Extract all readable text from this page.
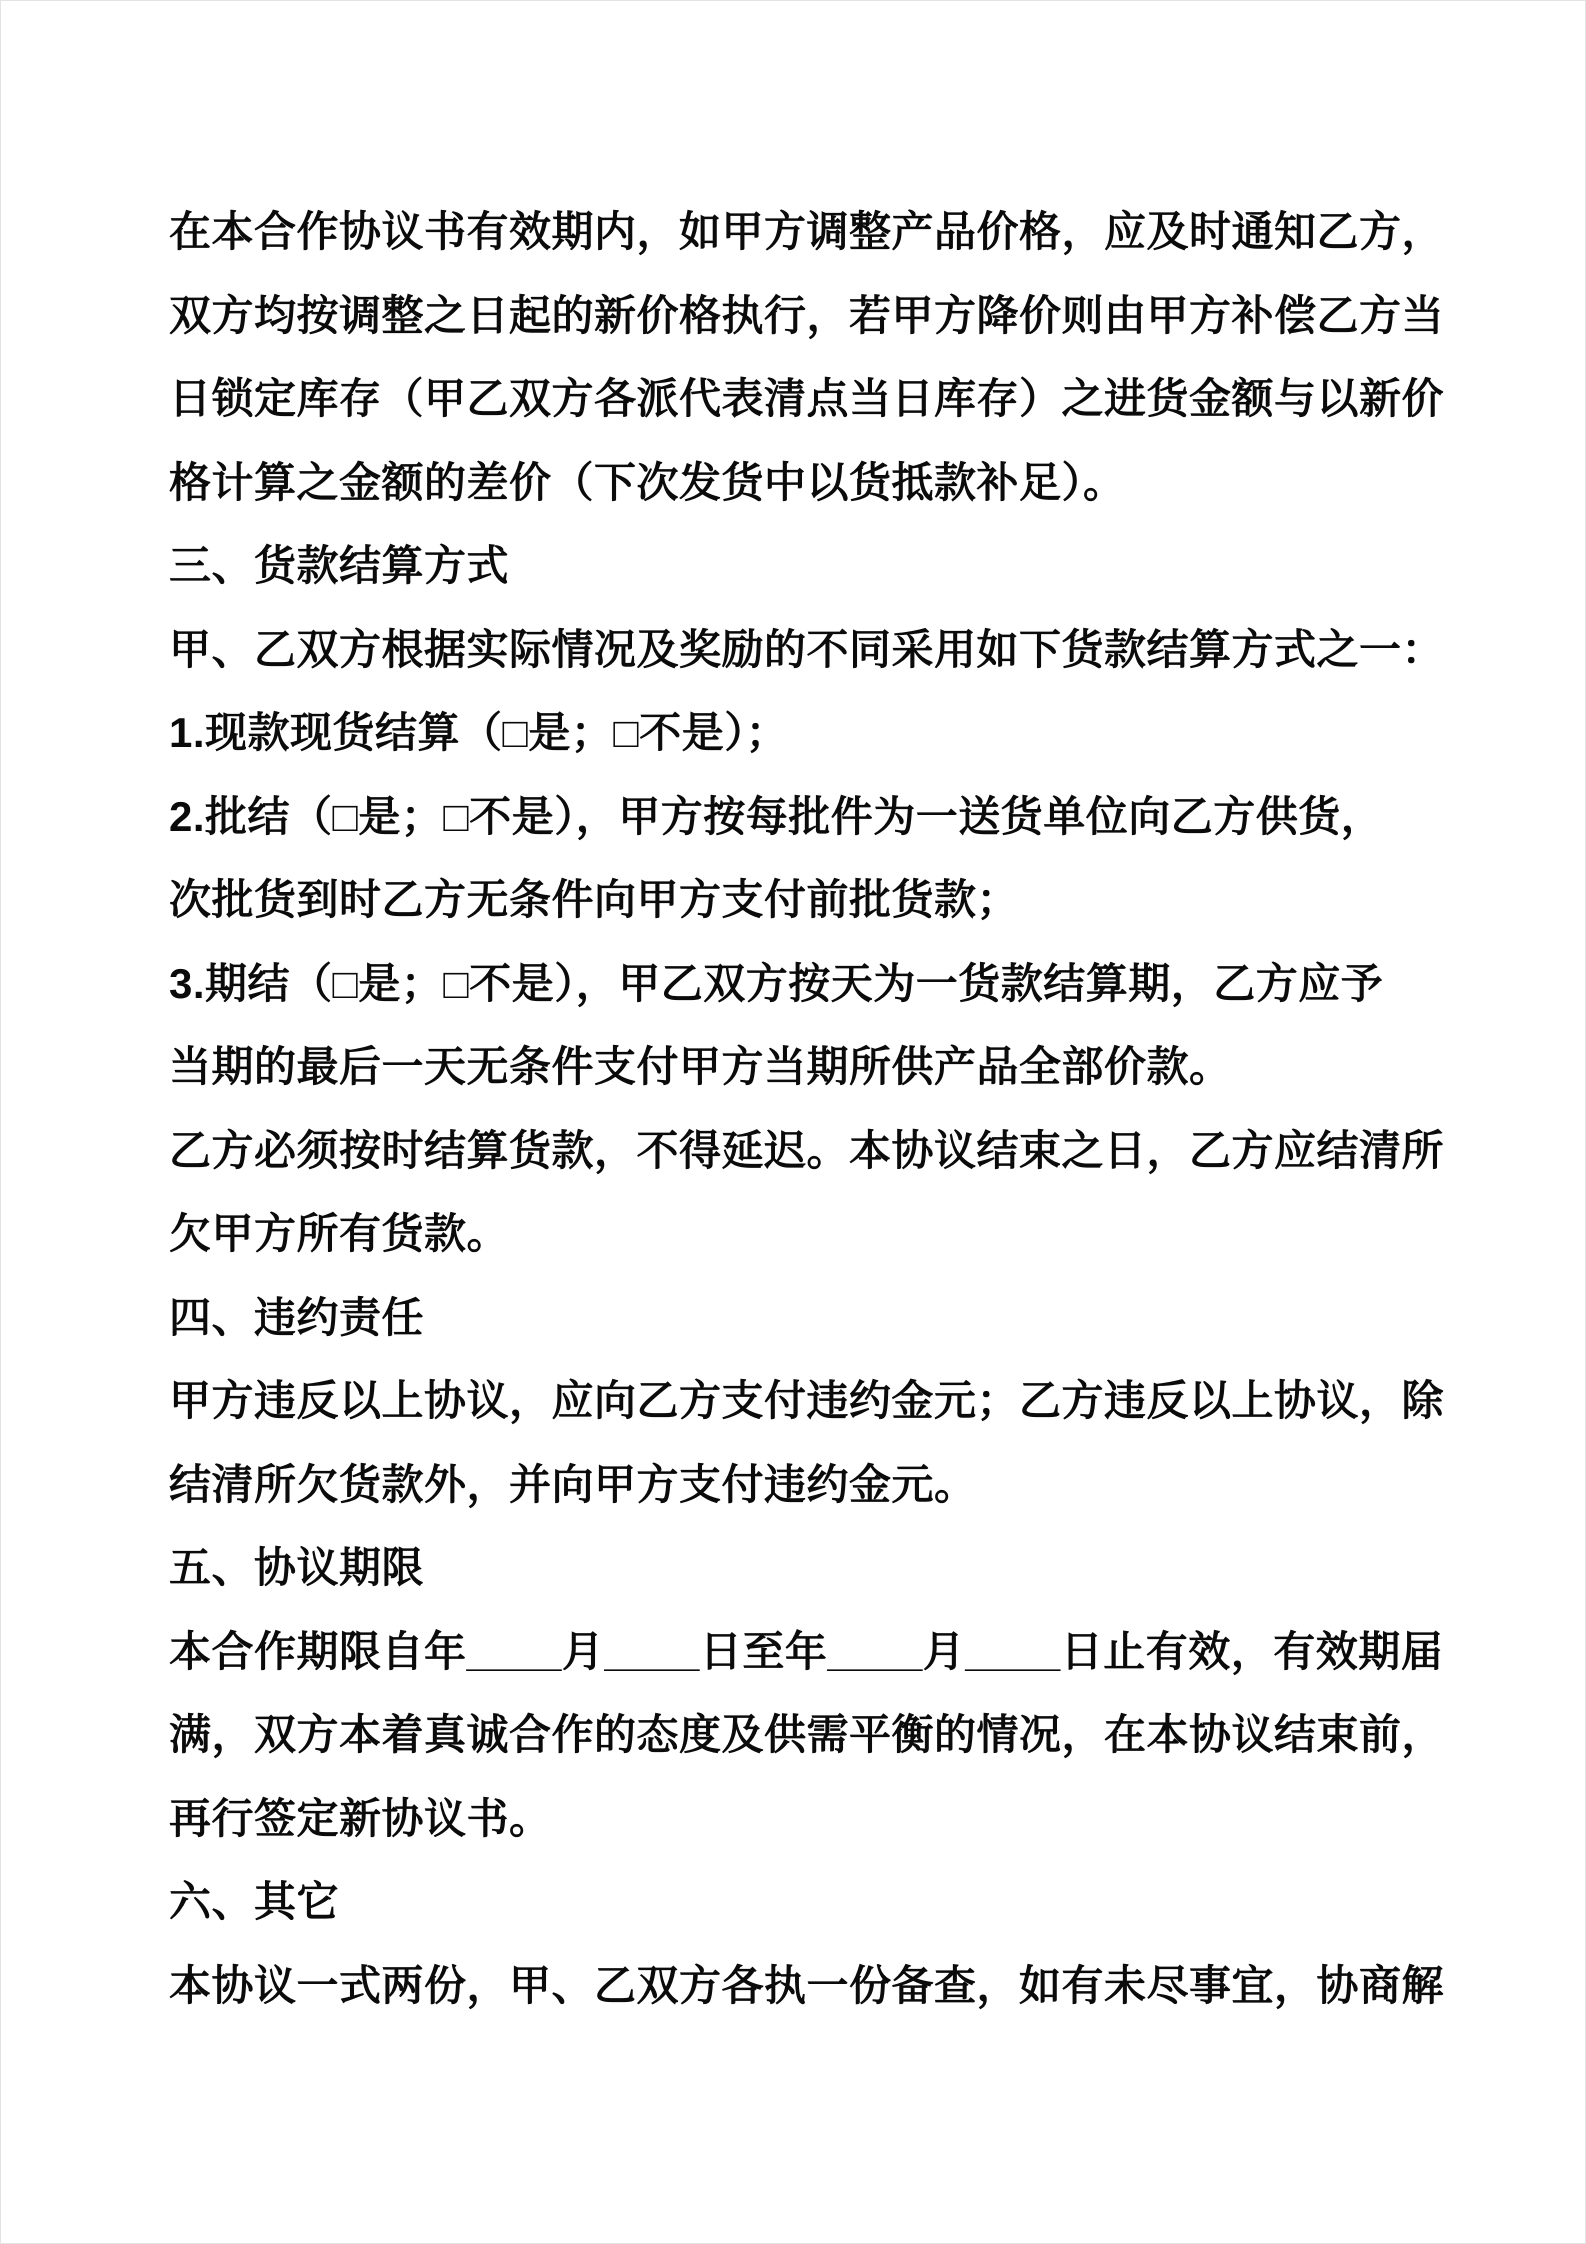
在本合作协议书有效期内，如甲方调整产品价格，应及时通知乙方，
双方均按调整之日起的新价格执行，若甲方降价则由甲方补偿乙方当
日锁定库存（甲乙双方各派代表清点当日库存）之进货金额与以新价
格计算之金额的差价（下次发货中以货抵款补足）。
三、货款结算方式
甲、乙双方根据实际情况及奖励的不同采用如下货款结算方式之一：
1.现款现货结算（□是；□不是）；
2.批结（□是；□不是），甲方按每批件为一送货单位向乙方供货，
次批货到时乙方无条件向甲方支付前批货款；
3.期结（□是；□不是），甲乙双方按天为一货款结算期，乙方应予
当期的最后一天无条件支付甲方当期所供产品全部价款。
乙方必须按时结算货款，不得延迟。本协议结束之日，乙方应结清所
欠甲方所有货款。
四、违约责任
甲方违反以上协议，应向乙方支付违约金元；乙方违反以上协议，除
结清所欠货款外，并向甲方支付违约金元。
五、协议期限
本合作期限自年____月____日至年____月____日止有效，有效期届
满，双方本着真诚合作的态度及供需平衡的情况，在本协议结束前，
再行签定新协议书。
六、其它
本协议一式两份，甲、乙双方各执一份备查，如有未尽事宜，协商解
